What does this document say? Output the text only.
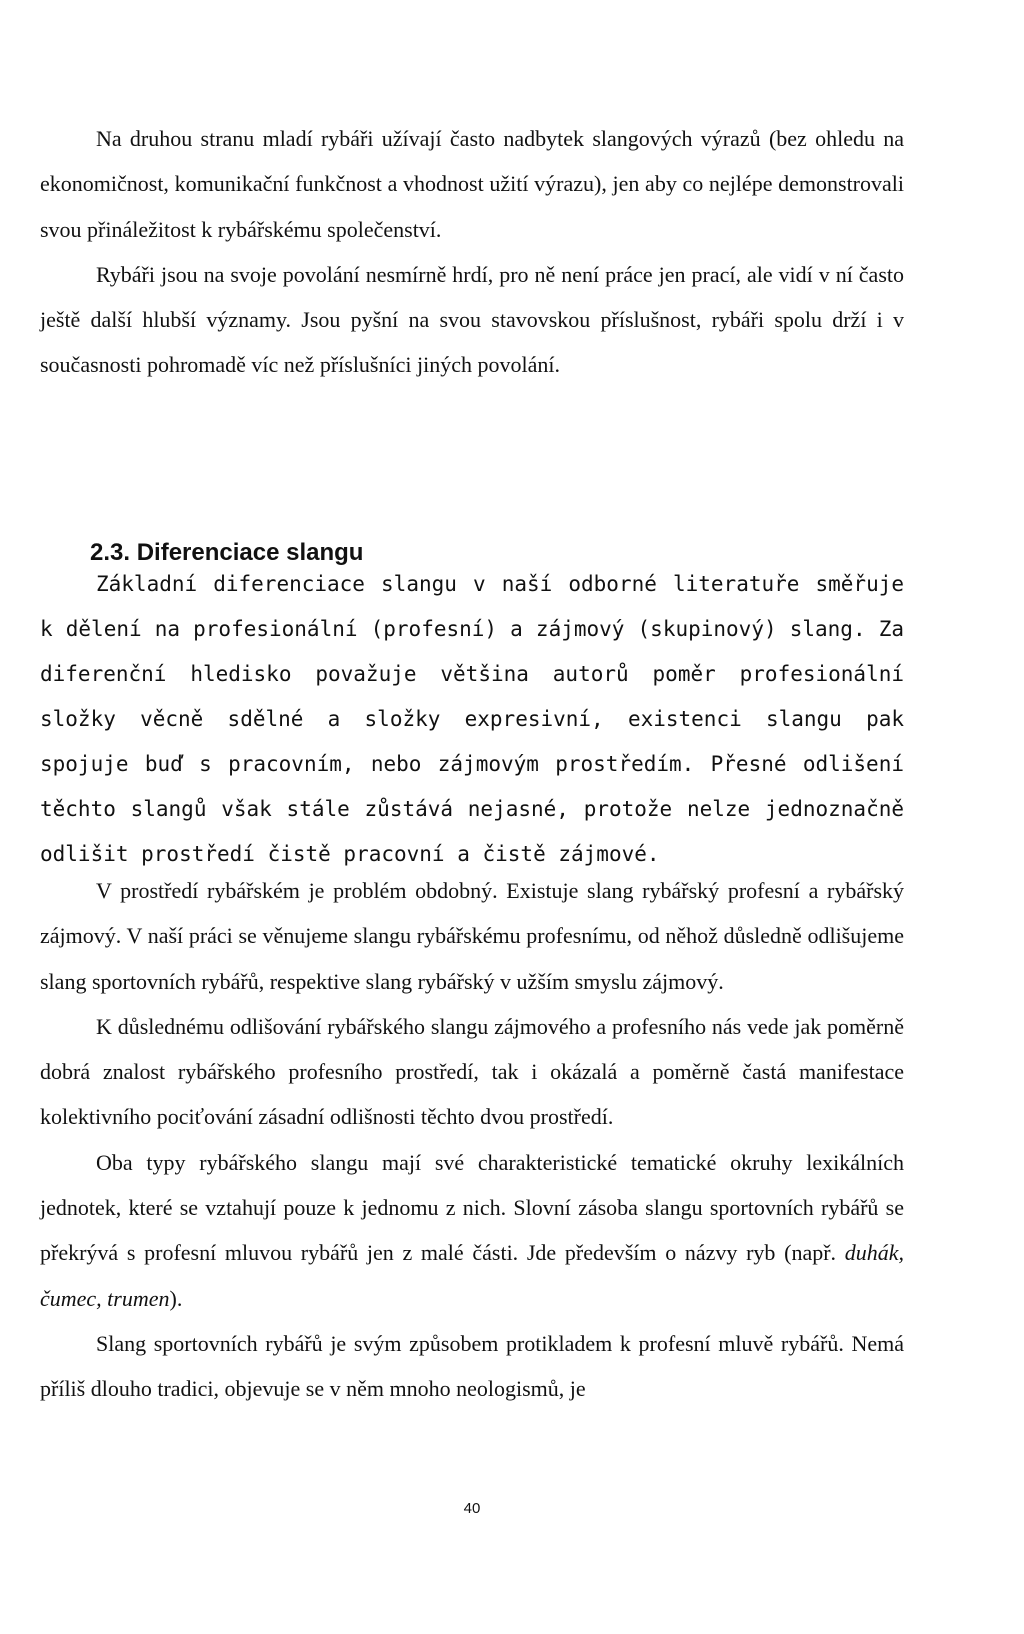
Na druhou stranu mladí rybáři užívají často nadbytek slangových výrazů (bez ohledu na ekonomičnost, komunikační funkčnost a vhodnost užití výrazu), jen aby co nejlépe demonstrovali svou přináležitost k rybářskému společenství.

Rybáři jsou na svoje povolání nesmírně hrdí, pro ně není práce jen prací, ale vidí v ní často ještě další hlubší významy. Jsou pyšní na svou stavovskou příslušnost, rybáři spolu drží i v současnosti pohromadě víc než příslušníci jiných povolání.

2.3. Diferenciace slangu

Základní diferenciace slangu v naší odborné literatuře směřuje k dělení na profesionální (profesní) a zájmový (skupinový) slang. Za diferenční hledisko považuje většina autorů poměr profesionální složky věcně sdělné a složky expresivní, existenci slangu pak spojuje buď s pracovním, nebo zájmovým prostředím. Přesné odlišení těchto slangů však stále zůstává nejasné, protože nelze jednoznačně odlišit prostředí čistě pracovní a čistě zájmové.

V prostředí rybářském je problém obdobný. Existuje slang rybářský profesní a rybářský zájmový. V naší práci se věnujeme slangu rybářskému profesnímu, od něhož důsledně odlišujeme slang sportovních rybářů, respektive slang rybářský v užším smyslu zájmový.

K důslednému odlišování rybářského slangu zájmového a profesního nás vede jak poměrně dobrá znalost rybářského profesního prostředí, tak i okázalá a poměrně častá manifestace kolektivního pociťování zásadní odlišnosti těchto dvou prostředí.

Oba typy rybářského slangu mají své charakteristické tematické okruhy lexikálních jednotek, které se vztahují pouze k jednomu z nich. Slovní zásoba slangu sportovních rybářů se překrývá s profesní mluvou rybářů jen z malé části. Jde především o názvy ryb (např. duhák, čumec, trumen).

Slang sportovních rybářů je svým způsobem protikladem k profesní mluvě rybářů. Nemá příliš dlouho tradici, objevuje se v něm mnoho neologismů, je

40
